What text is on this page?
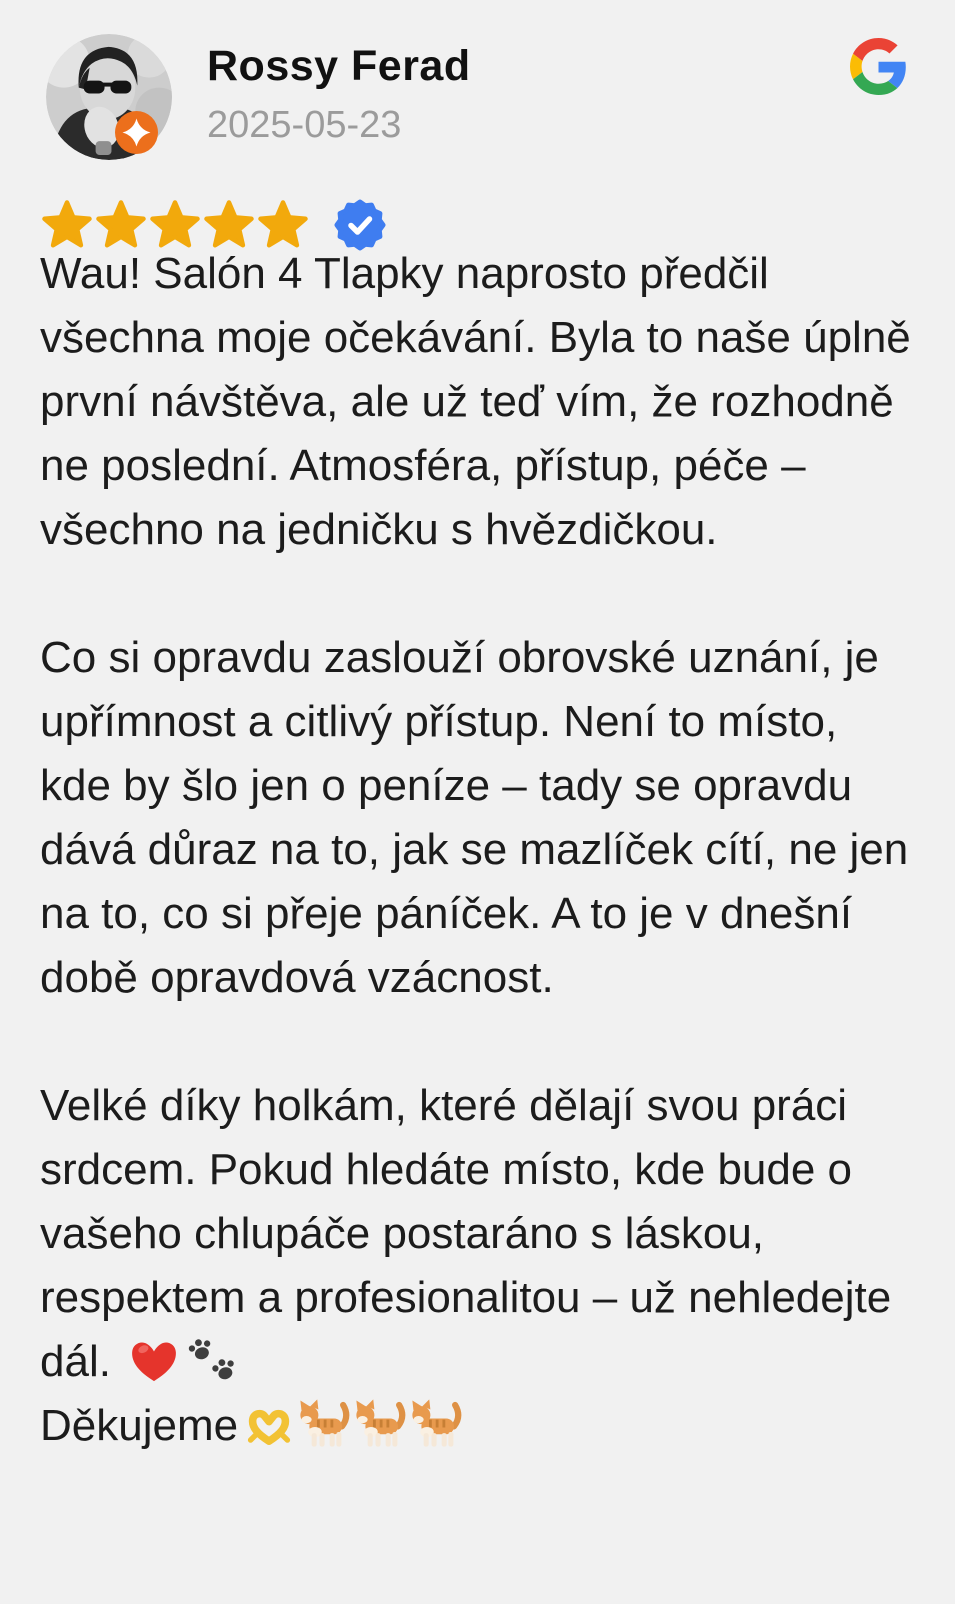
Rossy Ferad
2025-05-23

Wau! Salón 4 Tlapky naprosto předčil všechna moje očekávání. Byla to naše úplně první návštěva, ale už teď vím, že rozhodně ne poslední. Atmosféra, přístup, péče – všechno na jedničku s hvězdičkou.

Co si opravdu zaslouží obrovské uznání, je upřímnost a citlivý přístup. Není to místo, kde by šlo jen o peníze – tady se opravdu dává důraz na to, jak se mazlíček cítí, ne jen na to, co si přeje páníček. A to je v dnešní době opravdová vzácnost.

Velké díky holkám, které dělají svou práci srdcem. Pokud hledáte místo, kde bude o vašeho chlupáče postaráno s láskou, respektem a profesionalitou – už nehledejte dál.

Děkujeme
